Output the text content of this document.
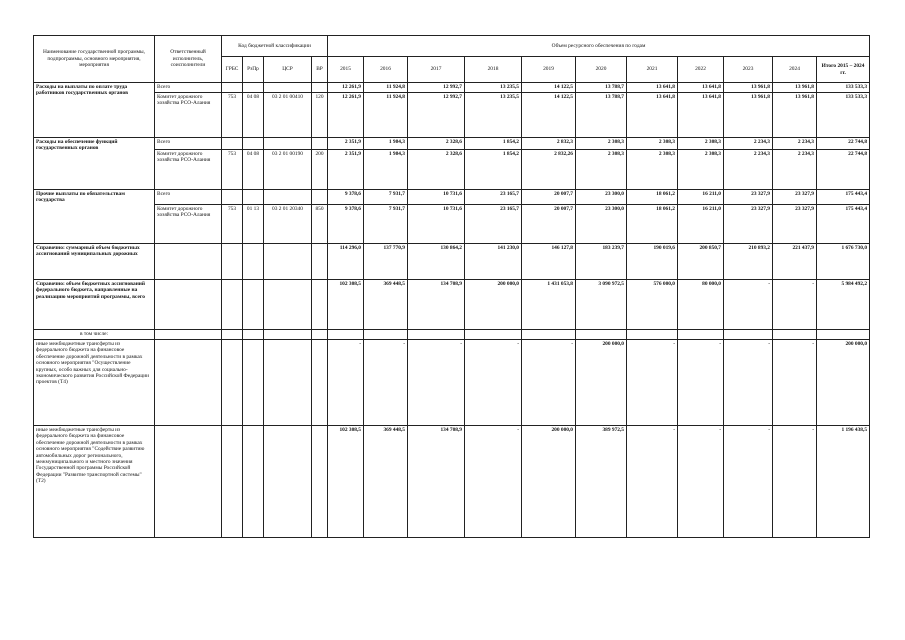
Наименование государственной программы, подпрограммы, основного мероприятия, мероприятия	Ответственный исполнитель, соисполнители	Код бюджетной классификации				Объем ресурсного обеспечения по годам										
		ГРБС	РзПр	ЦСР	ВР	2015	2016	2017	2018	2019	2020	2021	2022	2023	2024	Итого 2015 – 2024 гг.
Расходы на выплаты по оплате труда работников государственных органов	Всего					12 261,9	11 924,8	12 992,7	13 235,5	14 122,5	13 788,7	13 641,8	13 641,8	13 961,8	13 961,8	133 533,3
	Комитет дорожного хозяйства РСО-Алания	753	04 08	03 2 01 00410	120	12 261,9	11 924,8	12 992,7	13 235,5	14 122,5	13 788,7	13 641,8	13 641,8	13 961,8	13 961,8	133 533,3
Расходы на обеспечение функций государственных органов	Всего					2 351,9	1 984,3	2 328,6	1 854,2	2 832,3	2 308,3	2 308,3	2 308,3	2 234,3	2 234,3	22 744,8
	Комитет дорожного хозяйства РСО-Алания	753	04 08	03 2 01 00190	200	2 351,9	1 984,3	2 328,6	1 854,2	2 832,26	2 308,3	2 308,3	2 308,3	2 234,3	2 234,3	22 744,8
Прочие выплаты по обязательствам государства	Всего					9 378,6	7 931,7	10 731,6	23 165,7	20 007,7	23 300,0	18 061,2	16 211,0	23 327,9	23 327,9	175 443,4
	Комитет дорожного хозяйства РСО-Алания	753	01 13	03 2 01 20340	850	9 378,6	7 931,7	10 731,6	23 165,7	20 007,7	23 300,0	18 061,2	16 211,0	23 327,9	23 327,9	175 443,4
Справочно: суммарный объем бюджетных ассигнований муниципальных дорожных						114 296,0	137 770,9	130 864,2	141 230,0	146 127,8	183 239,7	190 019,6	200 850,7	210 893,2	221 437,9	1 676 730,0
Справочно: объем бюджетных ассигнований федерального бюджета, направленные на реализацию мероприятий программы, всего						102 308,5	369 448,5	134 708,9	200 000,0	1 431 053,8	3 090 972,5	576 000,0	80 000,0	-	-	5 984 492,2
в том числе:																
иные межбюджетные трансферты из федерального бюджета на финансовое обеспечение дорожной деятельности в рамках основного мероприятия "Осуществление крупных, особо важных для социально-экономического развития Российской Федерации проектов (Т4)						-	-	-	-	-	200 000,0	-	-	-	-	200 000,0
иные межбюджетные трансферты из федерального бюджета на финансовое обеспечение дорожной деятельности в рамках основного мероприятия "Содействие развитию автомобильных дорог регионального, межмуниципального и местного значения Государственной программы Российской Федерации "Развитие транспортной системы" (Т2)						102 308,5	369 448,5	134 708,9	-	200 000,0	389 972,5	-	-	-	-	1 196 438,5
